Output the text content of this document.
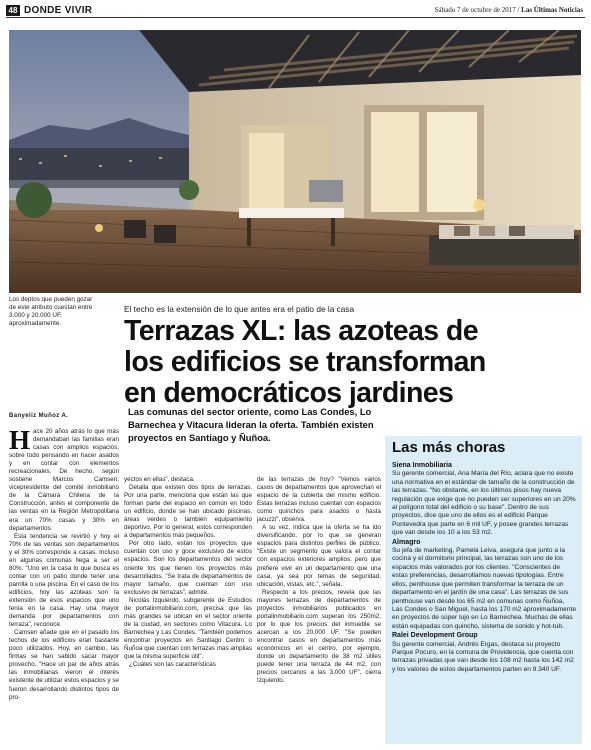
48 DONDE VIVIR	Sábado 7 de octubre de 2017 / Las Últimas Noticias
Los deptos que pueden gozar de este atributo cuestan entre 3.000 y 20.000 UF, aproximadamente.
El techo es la extensión de lo que antes era el patio de la casa
Terrazas XL: las azoteas de los edificios se transforman en democráticos jardines
Banyeliz Muñoz A.	Las comunas del sector oriente, como Las Condes, Lo Barnechea y Vitacura lideran la oferta. También existen proyectos en Santiago y Ñuñoa.

Hace 20 años atrás lo que más demandaban las familias eran casas con amplios espacios, sobre todo pensando en hacer asados y en contar con elementos recreacionales. De hecho, según sostiene Marcos Camsen, vicepresidente del comité inmobiliario de la Cámara Chilena de la Construcción, antes el componente de las ventas en la Región Metropolitana era un 70% casas y 30% en departamentos.

Esta tendencia se revirtió y hoy el 70% de las ventas son departamentos y el 30% corresponde a casas. Incluso en algunas comunas llega a ser el 80%. "Uno en la casa lo que busca es contar con un patio donde tener una parrilla o una piscina. En el caso de los edificios, hoy las azoteas son la extensión de esos espacios que uno tenía en la casa. Hay una mayor demanda por departamentos con terraza", reconoce.

Camsen añade que en el pasado los techos de los edificios eran bastante poco utilizados. Hoy, en cambio, las firmas se han sabido sacar mayor provecho. "Hace un par de años atrás las inmobiliarias vieron el interés existente de utilizar estos espacios y se fueron desarrollando distintos tipos de pro-

yectos en ellas", destaca.

Detalla que existen dos tipos de terrazas. Por una parte, menciona que están las que forman parte del espacio en común en todo un edificio, donde se han ubicado piscinas, áreas verdes o también equipamiento deportivo. Por lo general, estos corresponden a departamentos más pequeños.

Por otro lado, están los proyectos que cuentan con uso y goce exclusivo de estos espacios. Son los departamentos del sector oriente los que tienen los proyectos más desarrollados. "Se trata de departamentos de mayor tamaño, que cuentan con uso exclusivo de terrazas", admite.

Nicolás Izquierdo, subgerente de Estudios de portalinmobiliario.com, precisa que las más grandes se ubican en el sector oriente de la ciudad, en sectores como Vitacura, Lo Barnechea y Las Condes. "También podemos encontrar proyectos en Santiago Centro o Ñuñoa que cuentan con terrazas más amplias que la misma superficie útil".

¿Cuáles son las características

de las terrazas de hoy? "Vemos varios casos de departamentos que aprovechan el espacio de la cubierta del mismo edificio. Estas terrazas incluso cuentan con espacios como quinchos para asados o hasta jacuzzi", observa.

A su vez, indica que la oferta se ha ido diversificando, por lo que se generan espacios para distintos perfiles de público. "Existe un segmento que valora el contar con espacios exteriores amplios, pero que prefiere vivir en un departamento que una casa, ya sea por temas de seguridad, ubicación, vistas, etc.", señala.

Respecto a los precios, revela que las mayores terrazas de departamentos de proyectos inmobiliarios publicados en portalinmobiliario.com superan los 250m2, por lo que los precios del inmueble se acercan a los 20.000 UF. "Se pueden encontrar casos en departamentos más económicos en el centro, por ejemplo, donde un departamento de 38 m2 útiles puede tener una terraza de 44 m2, con precios cercanos a las 3.000 UF", cierra Izquierdo.

Las más choras
Siena Inmobiliaria
Su gerente comercial, Ana María del Río, aclara que no existe una normativa en el estándar de tamaño de la construcción de las terrazas. "No obstante, en los últimos pisos hay nueva regulación que exige que no pueden ser superiores en un 20% al polígono total del edificio o su base". Dentro de sus proyectos, dice que uno de ellos es el edificio Parque Pontevedra que parte en 6 mil UF, y posee grandes terrazas que van desde los 10 a los 53 m2.
Almagro
Su jefa de marketing, Pamela Leiva, asegura que junto a la cocina y el dormitorio principal, las terrazas son uno de los espacios más valorados por los clientes. "Conscientes de estas preferencias, desarrollamos nuevas tipologías. Entre ellos, penthouse que permiten transformar la terraza de un departamento en el jardín de una casa". Las terrazas de sus penthouse van desde los 65 m2 en comunas como Ñuñoa, Las Condes o San Miguel, hasta los 170 m2 aproximadamente en proyectos de súper lujo en Lo Barnechea. Muchas de ellas están equipadas con quincho, sistema de sonido y hot-tub.
Ralei Development Group
Su gerente comercial, Andrés Ergas, destaca su proyecto Parque Pocuro, en la comuna de Providencia, que cuenta con terrazas privadas que van desde los 108 m2 hasta los 142 m2 y los valores de estos departamentos parten en 9.340 UF.
